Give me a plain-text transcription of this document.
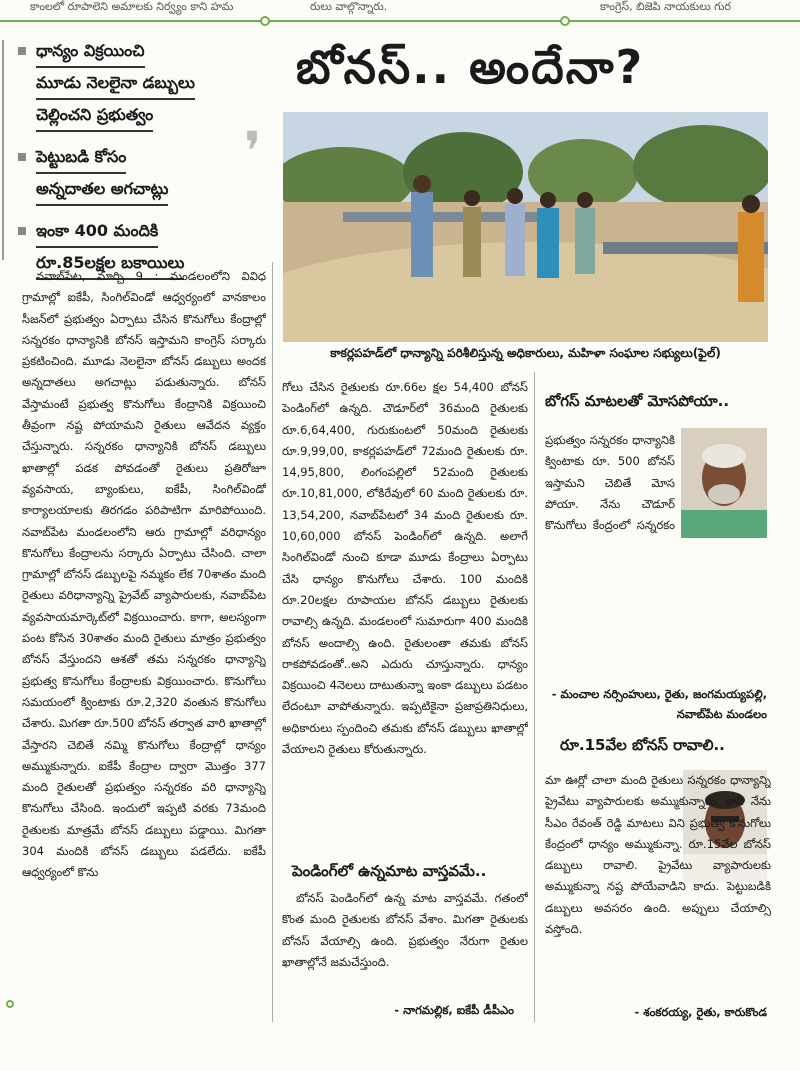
కాంలలో రూపాలెని అమాలకు నిర్వ్యం కాని హమ	రులు వాల్గొన్నారు.	కాంగ్రెస్, బిజెపి నాయకులు గుర
ధాన్యం విక్రయించి
మూడు నెలలైనా డబ్బులు
చెల్లించని ప్రభుత్వం
పెట్టుబడి కోసం
అన్నదాతల అగచాట్లు
ఇంకా 400 మందికి
రూ.85లక్షల బకాయిలు
❜
బోనస్.. అందేనా?
కాకర్లపహడ్‌లో ధాన్యాన్ని పరిశీలిస్తున్న అధికారులు, మహిళా సంఘాల సభ్యులు(ఫైల్)

నవాబ్‌పేట, మార్చి 9 : మండలంలోని వివిధ గ్రామాల్లో ఐకేపీ, సింగిల్‌విండో ఆధ్వర్యంలో వానకాలం సీజన్‌లో ప్రభుత్వం ఏర్పాటు చేసిన కొనుగోలు కేంద్రాల్లో సన్నరకం ధాన్యానికి బోనస్ ఇస్తామని కాంగ్రెస్ సర్కారు ప్రకటించింది. మూడు నెలలైనా బోనస్ డబ్బులు అందక అన్నదాతలు అగచాట్లు పడుతున్నారు. బోనస్ వేస్తామంటే ప్రభుత్వ కొనుగోలు కేంద్రానికి విక్రయించి తీవ్రంగా నష్ట పోయామని రైతులు ఆవేదన వ్యక్తం చేస్తున్నారు. సన్నరకం ధాన్యానికి బోనస్ డబ్బులు ఖాతాల్లో పడక పోవడంతో రైతులు ప్రతిరోజూ వ్యవసాయ, బ్యాంకులు, ఐకేపీ, సింగిల్‌విండో కార్యాలయాలకు తిరగడం పరిపాటిగా మారిపోయింది. నవాబ్‌పేట మండలంలోని ఆరు గ్రామాల్లో వరిధాన్యం కొనుగోలు కేంద్రాలను సర్కారు ఏర్పాటు చేసింది. చాలా గ్రామాల్లో బోనస్ డబ్బులపై నమ్మకం లేక 70శాతం మంది రైతులు వరిధాన్యాన్ని ప్రైవేట్ వ్యాపారులకు, నవాబ్‌పేట వ్యవసాయమార్కెట్‌లో విక్రయించారు. కాగా, అలస్యంగా పంట కోసిన 30శాతం మంది రైతులు మాత్రం ప్రభుత్వం బోనస్ వేస్తుందని ఆశతో తమ సన్నరకం ధాన్యాన్ని ప్రభుత్వ కొనుగోలు కేంద్రాలకు విక్రయించారు. కొనుగోలు సమయంలో క్వింటాకు రూ.2,320 వంతున కొనుగోలు చేశారు. మిగతా రూ.500 బోనస్ తర్వాత వారి ఖాతాల్లో వేస్తారని చెబితే నమ్మి కొనుగోలు కేంద్రాల్లో ధాన్యం అమ్ముకున్నారు. ఐకేపీ కేంద్రాల ద్వారా మొత్తం 377 మంది రైతులతో ప్రభుత్వం సన్నరకం వరి ధాన్యాన్ని కొనుగోలు చేసింది. ఇందులో ఇప్పటి వరకు 73మంది రైతులకు మాత్రమే బోనస్ డబ్బులు పడ్డాయి. మిగతా 304 మందికి బోనస్ డబ్బులు పడలేదు. ఐకేపీ ఆధ్వర్యంలో కొను

గోలు చేసిన రైతులకు రూ.66ల క్షల 54,400 బోనస్ పెండింగ్‌లో ఉన్నది. చౌడూర్‌లో 36మంది రైతులకు రూ.6,64,400, గురుకుంటలో 50మంది రైతులకు రూ.9,99,00, కాకర్లపహడ్‌లో 72మంది రైతులకు రూ. 14,95,800, లింగంపల్లిలో 52మంది రైతులకు రూ.10,81,000, లోకిరేవులో 60 మంది రైతులకు రూ. 13,54,200, నవాబ్‌పేటలో 34 మంది రైతులకు రూ. 10,60,000 బోనస్ పెండింగ్‌లో ఉన్నది. అలాగే సింగిల్‌విండో నుంచి కూడా మూడు కేంద్రాలు ఏర్పాటు చేసి ధాన్యం కొనుగోలు చేశారు. 100 మందికి రూ.20లక్షల రూపాయల బోనస్ డబ్బులు రైతులకు రావాల్సి ఉన్నది. మండలంలో సుమారుగా 400 మందికి బోనస్ అందాల్సి ఉంది. రైతులంతా తమకు బోనస్ రాకపోవడంతో..అని ఎదురు చూస్తున్నారు. ధాన్యం విక్రయించి 4నెలలు దాటుతున్నా ఇంకా డబ్బులు పడటం లేదంటూ వాపోతున్నారు. ఇప్పటికైనా ప్రజాప్రతినిధులు, అధికారులు స్పందించి తమకు బోనస్ డబ్బులు ఖాతాల్లో వేయాలని రైతులు కోరుతున్నారు.

పెండింగ్‌లో ఉన్నమాట వాస్తవమే..

బోనస్ పెండింగ్‌లో ఉన్న మాట వాస్తవమే. గతంలో కొంత మంది రైతులకు బోనస్ వేశాం. మిగతా రైతులకు బోనస్ వేయాల్సి ఉంది. ప్రభుత్వం నేరుగా రైతుల ఖాతాల్లోనే జమచేస్తుంది.

- నాగమల్లిక, ఐకేపీ డీపీఎం
బోగస్ మాటలతో మోసపోయా..

ప్రభుత్వం సన్నరకం ధాన్యానికి క్వింటాకు రూ. 500 బోనస్ ఇస్తామని చెబితే మోస పోయా. నేను చౌడూర్ కొనుగోలు కేంద్రంలో సన్నరకం

- మంచాల నర్సింహులు, రైతు, జంగమయ్యపల్లి, నవాబ్‌పేట మండలం
రూ.15వేల బోనస్ రావాలి..

మా ఊర్లో చాలా మంది రైతులు సన్నరకం ధాన్యాన్ని ప్రైవేటు వ్యాపారులకు అమ్ముకున్నారు. కానీ నేను సీఎం రేవంత్ రెడ్డి మాటలు విని ప్రభుత్వ కొనుగోలు కేంద్రంలో ధాన్యం అమ్ముకున్నా. రూ.15వేల బోనస్ డబ్బులు రావాలి. ప్రైవేటు వ్యాపారులకు అమ్ముకున్నా నష్ట పోయేవాడిని కాదు. పెట్టుబడికి డబ్బులు అవసరం ఉంది. అప్పులు చేయాల్సి వస్తోంది.

- శంకరయ్య, రైతు, కారుకొండ
